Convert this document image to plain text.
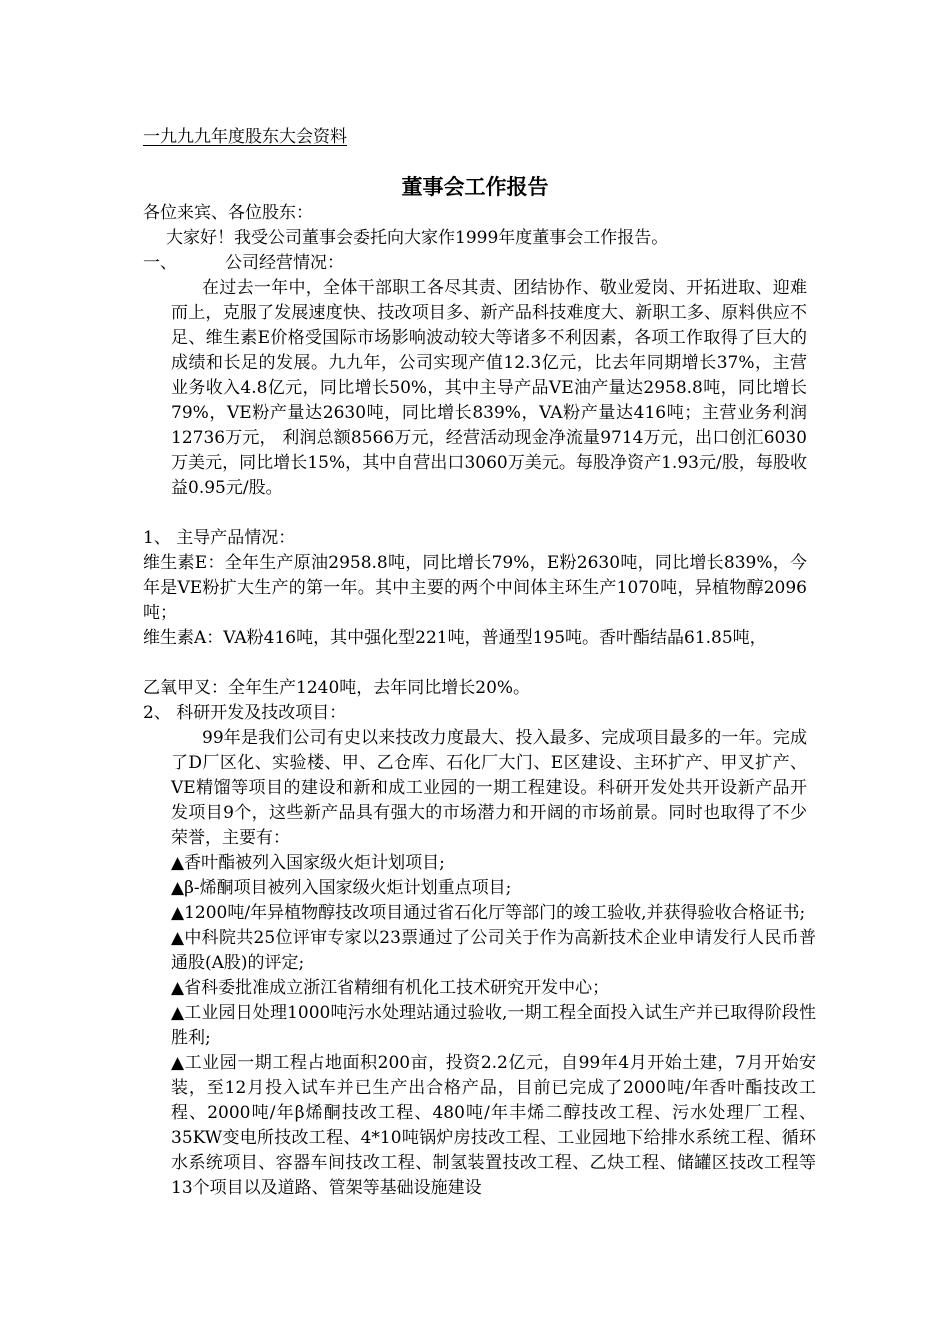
一九九九年度股东大会资料
董事会工作报告
各位来宾、各位股东：
大家好！我受公司董事会委托向大家作1999年度董事会工作报告。
一、	公司经营情况：
在过去一年中，全体干部职工各尽其责、团结协作、敬业爱岗、开拓进取、迎难而上，克服了发展速度快、技改项目多、新产品科技难度大、新职工多、原料供应不足、维生素E价格受国际市场影响波动较大等诸多不利因素，各项工作取得了巨大的成绩和长足的发展。九九年，公司实现产值12.3亿元，比去年同期增长37%，主营业务收入4.8亿元，同比增长50%，其中主导产品VE油产量达2958.8吨，同比增长79%，VE粉产量达2630吨，同比增长839%，VA粉产量达416吨；主营业务利润12736万元， 利润总额8566万元，经营活动现金净流量9714万元，出口创汇6030万美元，同比增长15%，其中自营出口3060万美元。每股净资产1.93元/股，每股收益0.95元/股。
1、 主导产品情况：
维生素E：全年生产原油2958.8吨，同比增长79%，E粉2630吨，同比增长839%，今年是VE粉扩大生产的第一年。其中主要的两个中间体主环生产1070吨，异植物醇2096吨；
维生素A：VA粉416吨，其中强化型221吨，普通型195吨。香叶酯结晶61.85吨，
乙氧甲叉：全年生产1240吨，去年同比增长20%。
2、 科研开发及技改项目：
99年是我们公司有史以来技改力度最大、投入最多、完成项目最多的一年。完成了D厂区化、实验楼、甲、乙仓库、石化厂大门、E区建设、主环扩产、甲叉扩产、VE精馏等项目的建设和新和成工业园的一期工程建设。科研开发处共开设新产品开发项目9个，这些新产品具有强大的市场潜力和开阔的市场前景。同时也取得了不少荣誉，主要有：

▲香叶酯被列入国家级火炬计划项目;

▲β-烯酮项目被列入国家级火炬计划重点项目;

▲1200吨/年异植物醇技改项目通过省石化厅等部门的竣工验收,并获得验收合格证书;

▲中科院共25位评审专家以23票通过了公司关于作为高新技术企业申请发行人民币普通股(A股)的评定;

▲省科委批准成立浙江省精细有机化工技术研究开发中心；

▲工业园日处理1000吨污水处理站通过验收,一期工程全面投入试生产并已取得阶段性胜利;

▲工业园一期工程占地面积200亩，投资2.2亿元，自99年4月开始土建，7月开始安装，至12月投入试车并已生产出合格产品，目前已完成了2000吨/年香叶酯技改工程、2000吨/年β烯酮技改工程、480吨/年丰烯二醇技改工程、污水处理厂工程、35KW变电所技改工程、4*10吨锅炉房技改工程、工业园地下给排水系统工程、循环水系统项目、容器车间技改工程、制氢装置技改工程、乙炔工程、储罐区技改工程等13个项目以及道路、管架等基础设施建设
